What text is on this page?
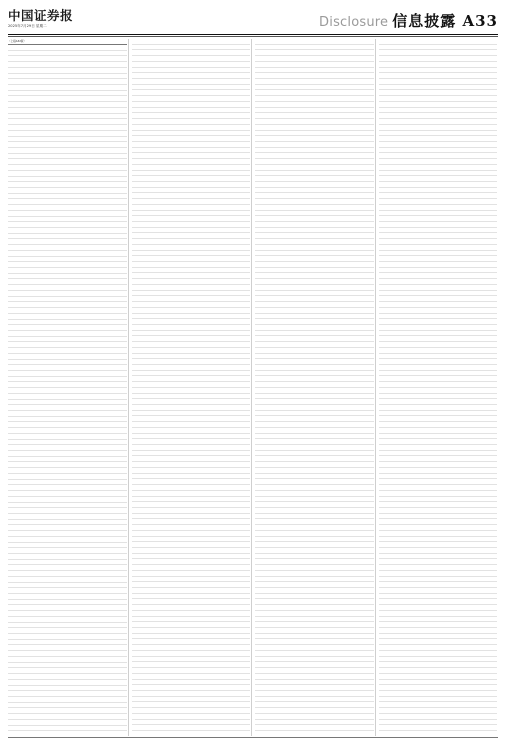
中国证券报
2025年7月29日 星期二	Disclosure 信息披露 A33
（上接A32版）
